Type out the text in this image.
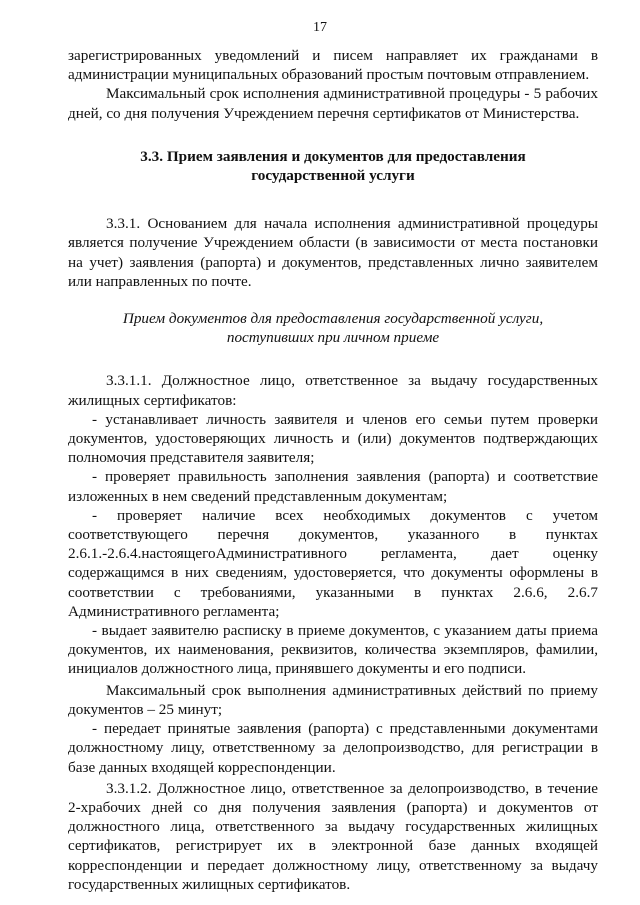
17

зарегистрированных уведомлений и писем направляет их гражданами в администрации муниципальных образований простым почтовым отправлением.

Максимальный срок исполнения административной процедуры - 5 рабочих дней, со дня получения Учреждением перечня сертификатов от Министерства.

3.3. Прием заявления и документов для предоставления
государственной услуги

3.3.1. Основанием для начала исполнения административной процедуры является получение Учреждением области (в зависимости от места постановки на учет) заявления (рапорта) и документов, представленных лично заявителем или направленных по почте.

Прием документов для предоставления государственной услуги,
поступивших при личном приеме

3.3.1.1. Должностное лицо, ответственное за выдачу государственных жилищных сертификатов:

- устанавливает личность заявителя и членов его семьи путем проверки документов, удостоверяющих личность и (или) документов подтверждающих полномочия представителя заявителя;

- проверяет правильность заполнения заявления (рапорта) и соответствие изложенных в нем сведений представленным документам;

- проверяет наличие всех необходимых документов с учетом соответствующего перечня документов, указанного в пунктах 2.6.1.-2.6.4.настоящегоАдминистративного регламента, дает оценку содержащимся в них сведениям, удостоверяется, что документы оформлены в соответствии с требованиями, указанными в пунктах 2.6.6, 2.6.7 Административного регламента;

- выдает заявителю расписку в приеме документов, с указанием даты приема документов, их наименования, реквизитов, количества экземпляров, фамилии, инициалов должностного лица, принявшего документы и его подписи.

Максимальный срок выполнения административных действий по приему документов – 25 минут;

- передает принятые заявления (рапорта) с представленными документами должностному лицу, ответственному за делопроизводство, для регистрации в базе данных входящей корреспонденции.

3.3.1.2. Должностное лицо, ответственное за делопроизводство, в течение 2-храбочих дней со дня получения заявления (рапорта) и документов от должностного лица, ответственного за выдачу государственных жилищных сертификатов, регистрирует их в электронной базе данных входящей корреспонденции и передает должностному лицу, ответственному за выдачу государственных жилищных сертификатов.
